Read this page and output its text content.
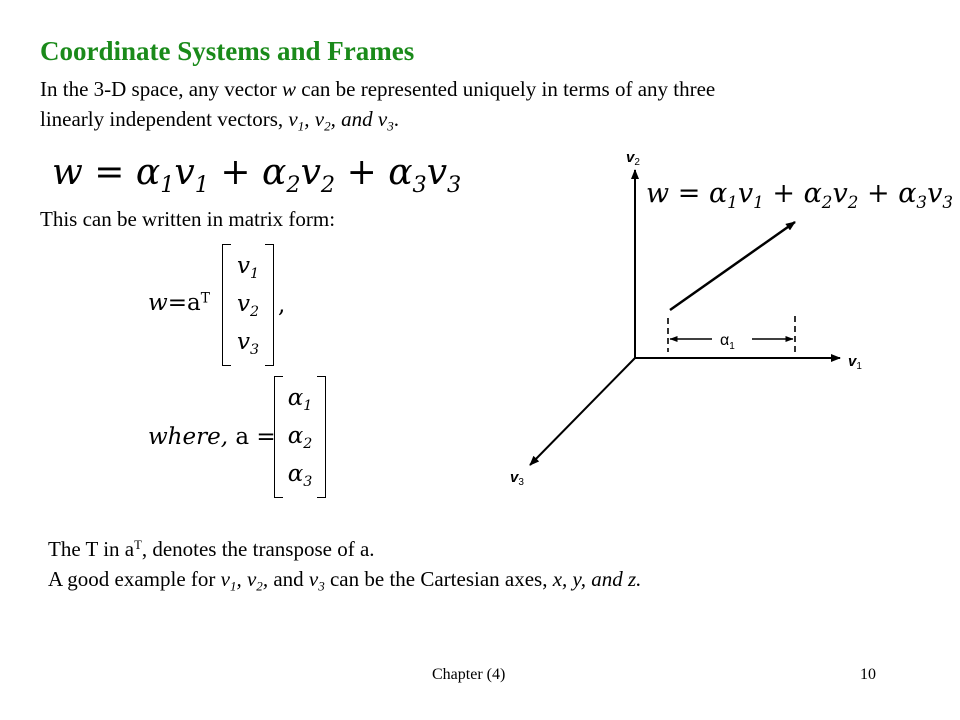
Coordinate Systems and Frames
In the 3-D space, any vector w can be represented uniquely in terms of any three
linearly independent vectors, $v_1$, $v_2$, and $v_3$.
$w = \alpha_1v_1 + \alpha_2v_2 + \alpha_3v_3$
This can be written in matrix form:
$w=a^T$
$v_1$
$v_2$
$v_3$
,
where, a =
$\alpha_1$
$\alpha_2$
$\alpha_3$
$\alpha_1$
$v_2$
$v_1$
$v_3$
$w = \alpha_1v_1 + \alpha_2v_2 + \alpha_3v_3$
The T in $a^T$, denotes the transpose of a.
A good example for $v_1$, $v_2$, and $v_3$ can be the Cartesian axes, x, y, and z.
Chapter (4)	10
